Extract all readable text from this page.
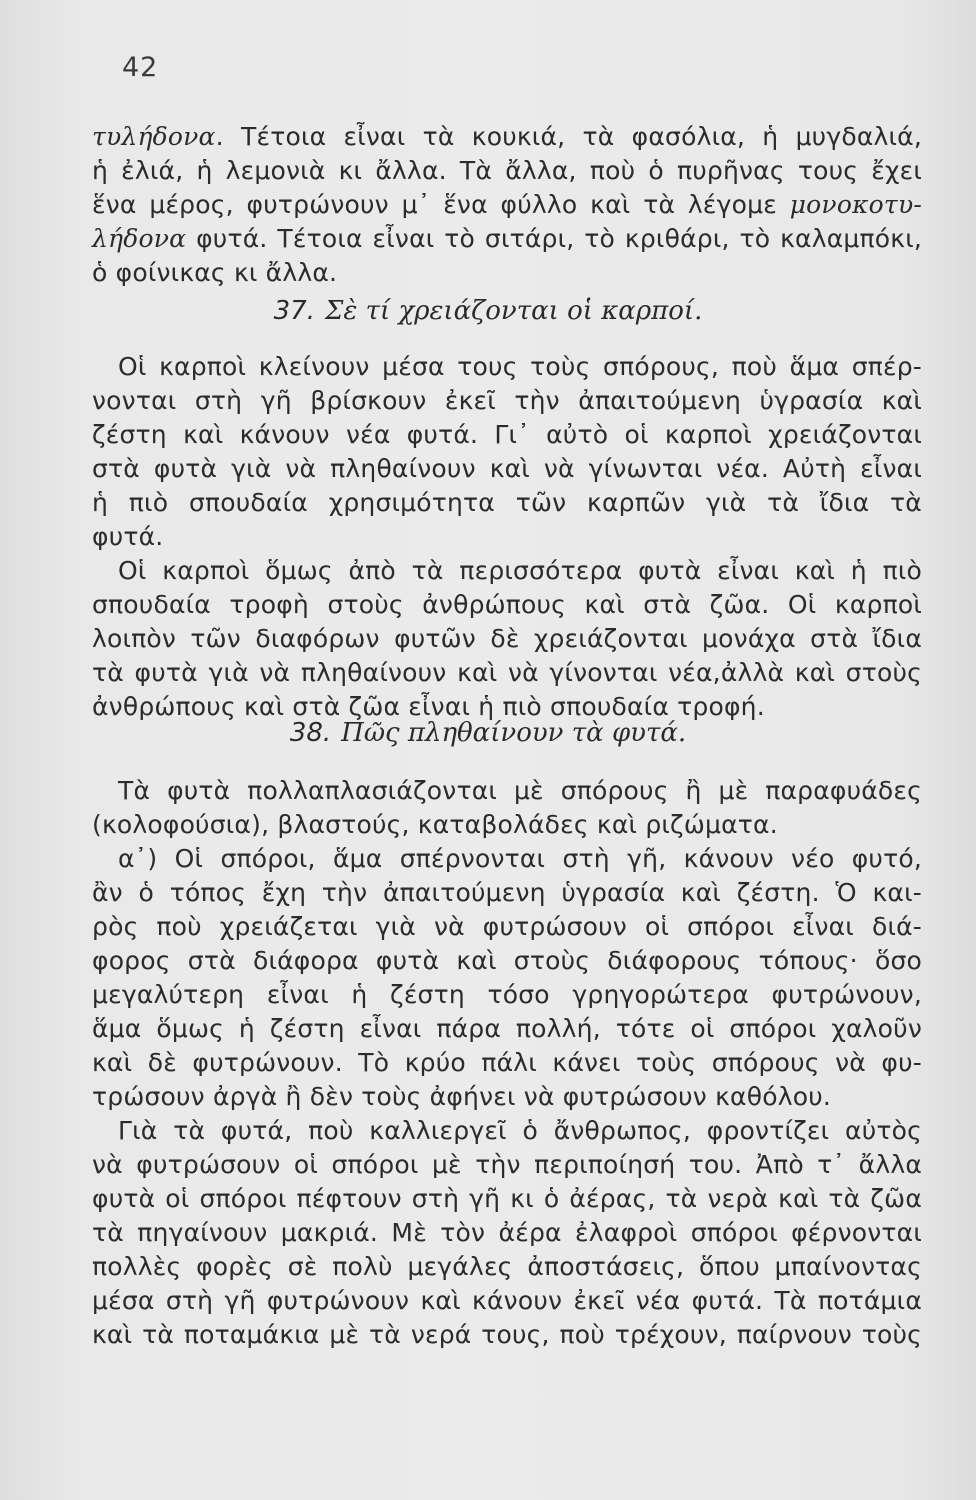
42
τυλήδονα. Τέτοια εἶναι τὰ κουκιά, τὰ φασόλια, ἡ μυγδαλιά,
ἡ ἐλιά, ἡ λεμονιὰ κι ἄλλα. Τὰ ἄλλα, ποὺ ὁ πυρῆνας τους ἔχει
ἕνα μέρος, φυτρώνουν μ᾽ ἕνα φύλλο καὶ τὰ λέγομε μονοκοτυ-
λήδονα φυτά. Τέτοια εἶναι τὸ σιτάρι, τὸ κριθάρι, τὸ καλαμπόκι,
ὁ φοίνικας κι ἄλλα.
37. Σὲ τί χρειάζονται οἱ καρποί.
Οἱ καρποὶ κλείνουν μέσα τους τοὺς σπόρους, ποὺ ἅμα σπέρ-
νονται στὴ γῆ βρίσκουν ἐκεῖ τὴν ἀπαιτούμενη ὑγρασία καὶ
ζέστη καὶ κάνουν νέα φυτά. Γι᾽ αὐτὸ οἱ καρποὶ χρειάζονται
στὰ φυτὰ γιὰ νὰ πληθαίνουν καὶ νὰ γίνωνται νέα. Αὐτὴ εἶναι
ἡ πιὸ σπουδαία χρησιμότητα τῶν καρπῶν γιὰ τὰ ἴδια τὰ
φυτά.
Οἱ καρποὶ ὅμως ἀπὸ τὰ περισσότερα φυτὰ εἶναι καὶ ἡ πιὸ
σπουδαία τροφὴ στοὺς ἀνθρώπους καὶ στὰ ζῶα. Οἱ καρποὶ
λοιπὸν τῶν διαφόρων φυτῶν δὲ χρειάζονται μονάχα στὰ ἴδια
τὰ φυτὰ γιὰ νὰ πληθαίνουν καὶ νὰ γίνονται νέα,ἀλλὰ καὶ στοὺς
ἀνθρώπους καὶ στὰ ζῶα εἶναι ἡ πιὸ σπουδαία τροφή.
38. Πῶς πληθαίνουν τὰ φυτά.
Τὰ φυτὰ πολλαπλασιάζονται μὲ σπόρους ἢ μὲ παραφυάδες
(κολοφούσια), βλαστούς, καταβολάδες καὶ ριζώματα.
α᾽) Οἱ σπόροι, ἅμα σπέρνονται στὴ γῆ, κάνουν νέο φυτό,
ἂν ὁ τόπος ἔχη τὴν ἀπαιτούμενη ὑγρασία καὶ ζέστη. Ὁ και-
ρὸς ποὺ χρειάζεται γιὰ νὰ φυτρώσουν οἱ σπόροι εἶναι διά-
φορος στὰ διάφορα φυτὰ καὶ στοὺς διάφορους τόπους· ὅσο
μεγαλύτερη εἶναι ἡ ζέστη τόσο γρηγορώτερα φυτρώνουν,
ἅμα ὅμως ἡ ζέστη εἶναι πάρα πολλή, τότε οἱ σπόροι χαλοῦν
καὶ δὲ φυτρώνουν. Τὸ κρύο πάλι κάνει τοὺς σπόρους νὰ φυ-
τρώσουν ἀργὰ ἢ δὲν τοὺς ἀφήνει νὰ φυτρώσουν καθόλου.
Γιὰ τὰ φυτά, ποὺ καλλιεργεῖ ὁ ἄνθρωπος, φροντίζει αὐτὸς
νὰ φυτρώσουν οἱ σπόροι μὲ τὴν περιποίησή του. Ἀπὸ τ᾽ ἄλλα
φυτὰ οἱ σπόροι πέφτουν στὴ γῆ κι ὁ ἀέρας, τὰ νερὰ καὶ τὰ ζῶα
τὰ πηγαίνουν μακριά. Μὲ τὸν ἀέρα ἐλαφροὶ σπόροι φέρνονται
πολλὲς φορὲς σὲ πολὺ μεγάλες ἀποστάσεις, ὅπου μπαίνοντας
μέσα στὴ γῆ φυτρώνουν καὶ κάνουν ἐκεῖ νέα φυτά. Τὰ ποτάμια
καὶ τὰ ποταμάκια μὲ τὰ νερά τους, ποὺ τρέχουν, παίρνουν τοὺς
